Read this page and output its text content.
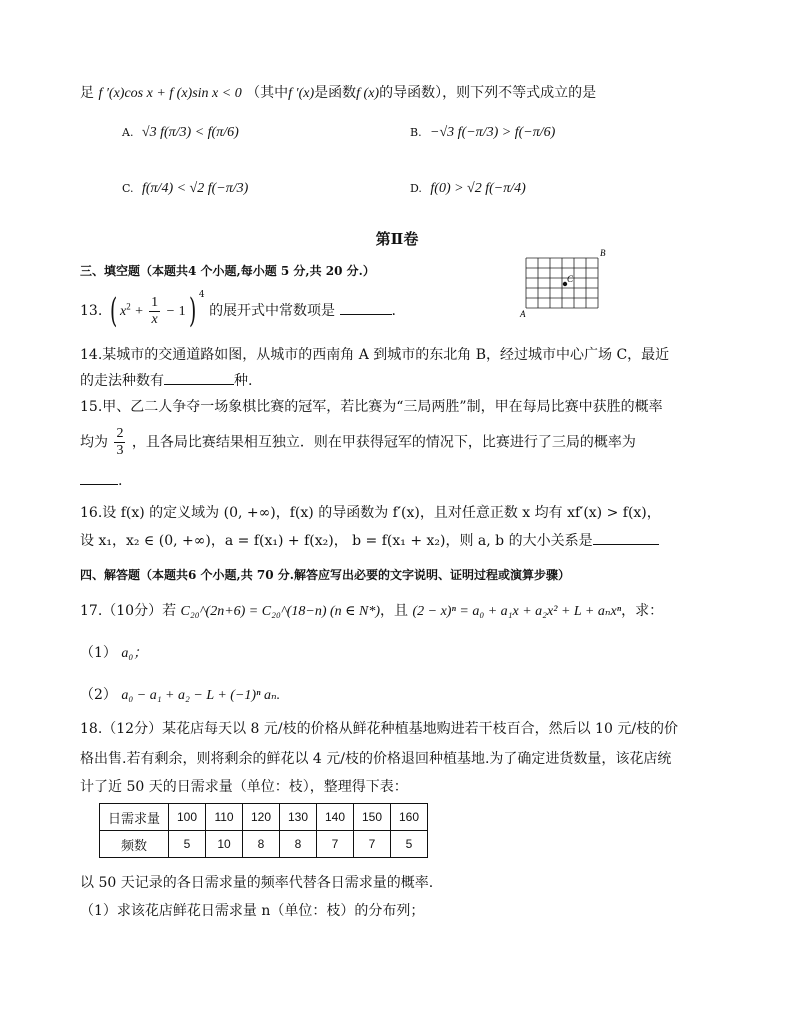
足 f ′(x)cos x + f (x)sin x < 0 （其中f ′(x)是函数f (x)的导函数），则下列不等式成立的是
A. √3 f(π/3) < f(π/6)	B. −√3 f(−π/3) > f(−π/6)
C. f(π/4) < √2 f(−π/3)	D. f(0) > √2 f(−π/4)
第Ⅱ卷
三、填空题（本题共4 个小题,每小题 5 分,共 20 分.）
B
C
A
13. ( $x^2 + \frac{1}{x} - 1$) $^4$ 的展开式中常数项是	.
14.某城市的交通道路如图，从城市的西南角 A 到城市的东北角 B，经过城市中心广场 C，最近
的走法种数有	种.
15.甲、乙二人争夺一场象棋比赛的冠军，若比赛为“三局两胜”制，甲在每局比赛中获胜的概率
均为 $\frac{2}{3}$ ，且各局比赛结果相互独立．则在甲获得冠军的情况下，比赛进行了三局的概率为
.
16.设 f(x) 的定义域为 (0, +∞)，f(x) 的导函数为 f′(x)，且对任意正数 x 均有 xf′(x) > f(x)，
设 x₁，x₂ ∈ (0, +∞)，a = f(x₁) + f(x₂)， b = f(x₁ + x₂)，则 a, b 的大小关系是
四、解答题（本题共6 个小题,共 70 分.解答应写出必要的文字说明、证明过程或演算步骤）
17.（10分）若 C₂₀^(2n+6) = C₂₀^(18−n) (n ∈ N*)，且 (2 − x)ⁿ = a₀ + a₁x + a₂x² + L + aₙxⁿ，求：
（1） a₀；
（2） a₀ − a₁ + a₂ − L + (−1)ⁿ aₙ.
18.（12分）某花店每天以 8 元/枝的价格从鲜花种植基地购进若干枝百合，然后以 10 元/枝的价
格出售.若有剩余，则将剩余的鲜花以 4 元/枝的价格退回种植基地.为了确定进货数量，该花店统
计了近 50 天的日需求量（单位：枝），整理得下表：
日需求量	100	110	120	130	140	150	160
频数	5	10	8	8	7	7	5
以 50 天记录的各日需求量的频率代替各日需求量的概率.
（1）求该花店鲜花日需求量 n（单位：枝）的分布列；
